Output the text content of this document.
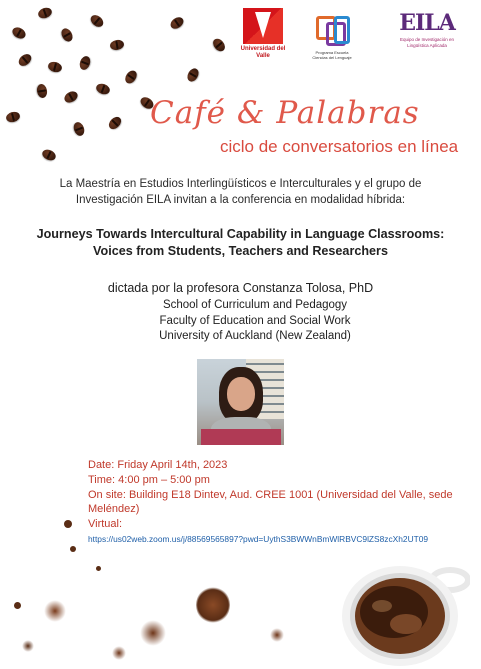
Universidad del Valle
Programa Escuela Ciencias del Lenguaje
EILA
Equipo de Investigación en Lingüística Aplicada
Café & Palabras
ciclo de conversatorios en línea
La Maestría en Estudios Interlingüísticos e Interculturales y el grupo de
Investigación EILA invitan a la conferencia en modalidad híbrida:
Journeys Towards Intercultural Capability in Language Classrooms:
Voices from Students, Teachers and Researchers
dictada por la profesora Constanza Tolosa, PhD
School of Curriculum and Pedagogy
Faculty of Education and Social Work
University of Auckland (New Zealand)
Date: Friday April 14th, 2023
Time: 4:00 pm – 5:00 pm
On site: Building E18 Dintev, Aud. CREE 1001 (Universidad del Valle, sede
Meléndez)
Virtual:
https://us02web.zoom.us/j/88569565897?pwd=UythS3BWWnBmWlRBVC9lZS8zcXh2UT09
